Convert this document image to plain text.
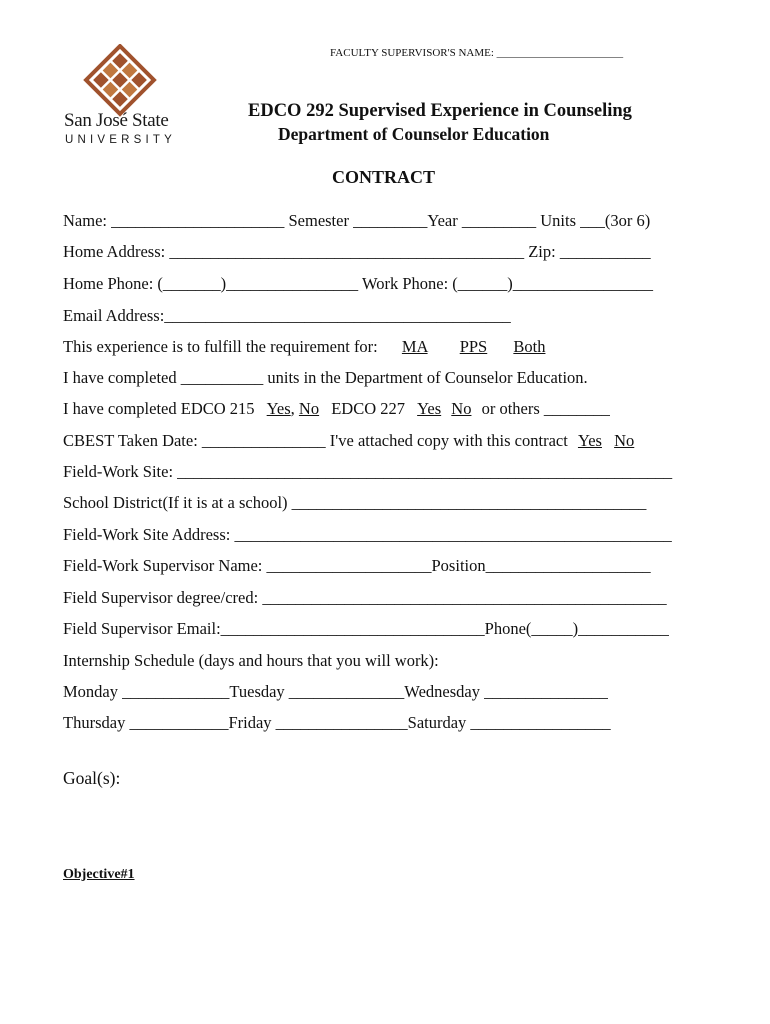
San José State
UNIVERSITY
FACULTY SUPERVISOR'S NAME: _______________________
EDCO 292 Supervised Experience in Counseling
Department of Counselor Education
CONTRACT
Name: _____________________ Semester _________Year _________ Units ___(3or 6)
Home Address: ___________________________________________ Zip: ___________
Home Phone: (_______)________________ Work Phone: (______)_________________
Email Address:__________________________________________
This experience is to fulfill the requirement for: MA PPS Both
I have completed __________ units in the Department of Counselor Education.
I have completed EDCO 215 Yes, No EDCO 227 Yes No or others ________
CBEST Taken Date: _______________ I've attached copy with this contract Yes No
Field-Work Site: ____________________________________________________________
School District(If it is at a school) ___________________________________________
Field-Work Site Address: _____________________________________________________
Field-Work Supervisor Name: ____________________Position____________________
Field Supervisor degree/cred: _________________________________________________
Field Supervisor Email:________________________________Phone(_____)___________
Internship Schedule (days and hours that you will work):
Monday _____________Tuesday ______________Wednesday _______________
Thursday ____________Friday ________________Saturday _________________
Goal(s):
Objective#1
